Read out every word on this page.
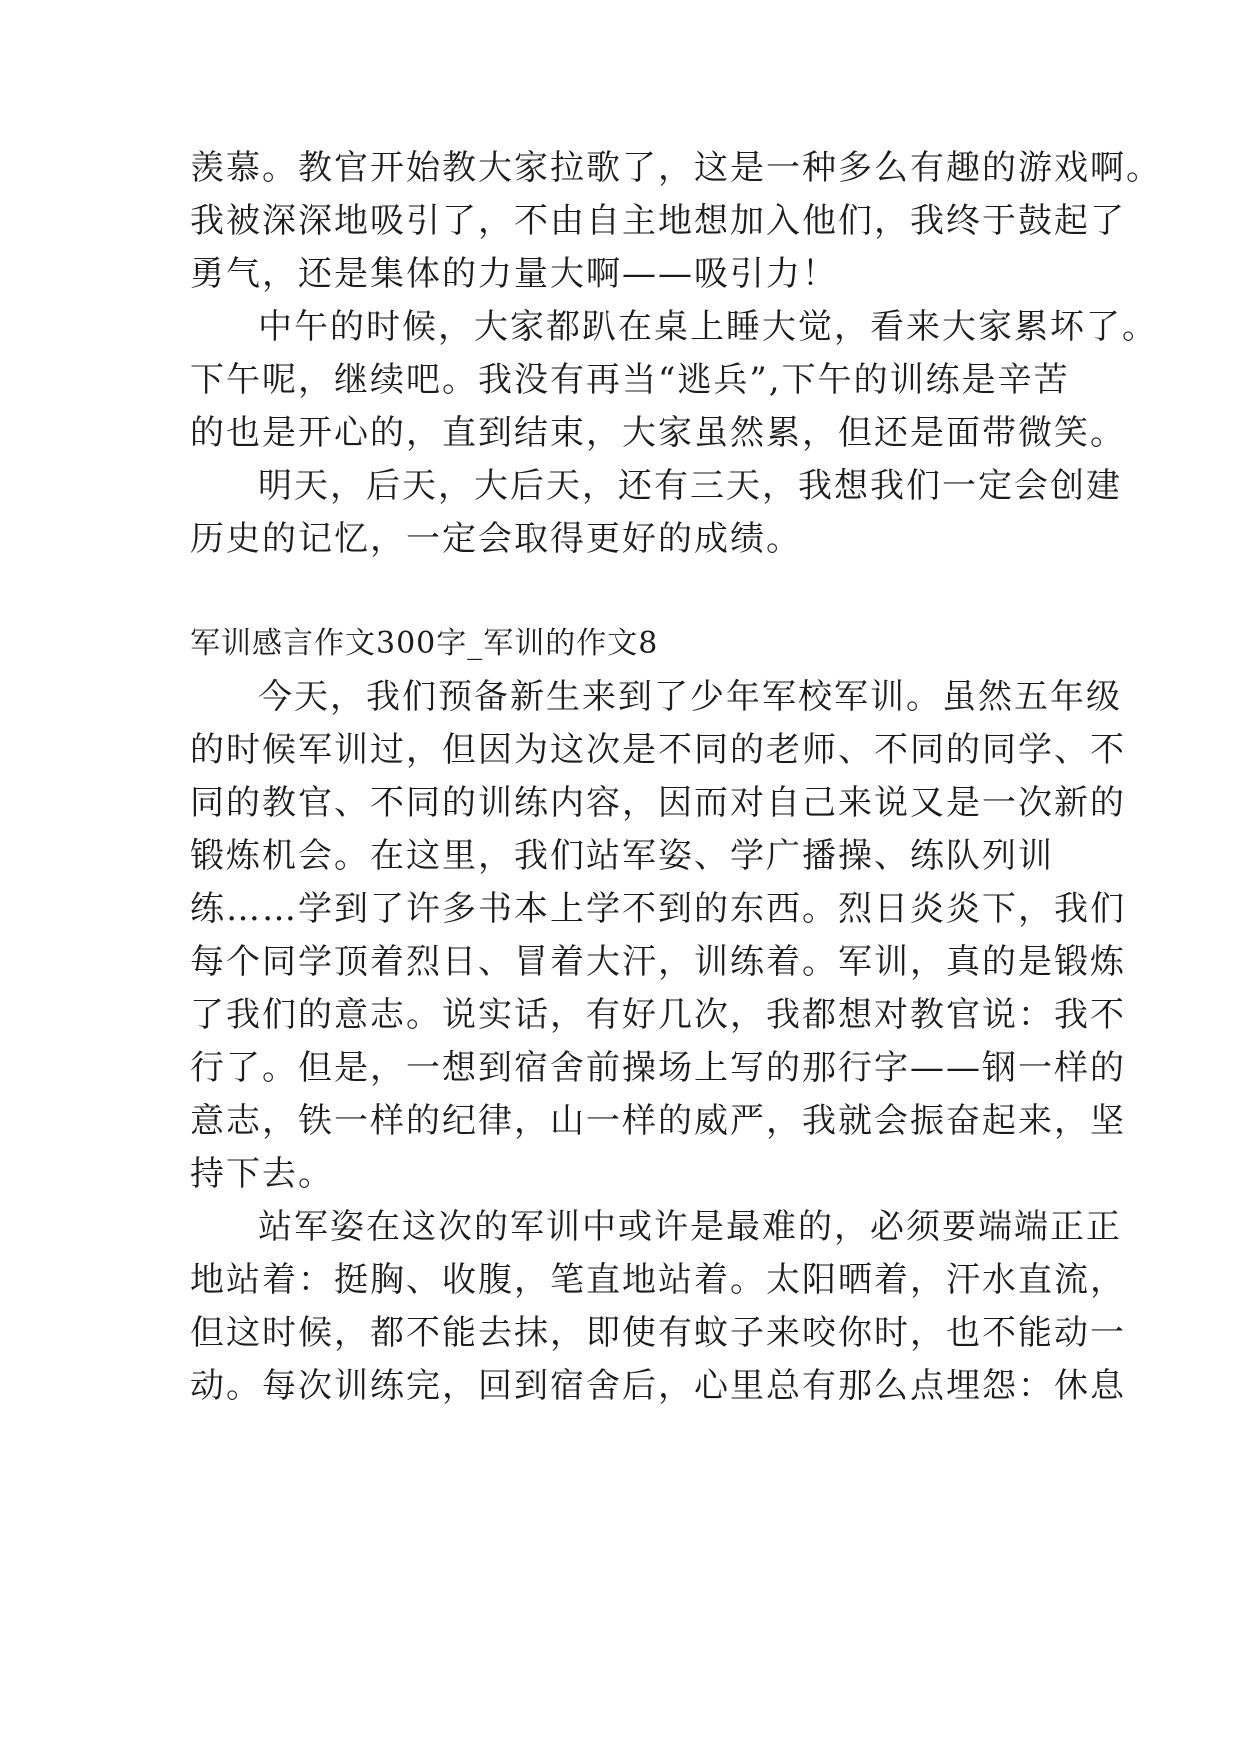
羡慕。教官开始教大家拉歌了，这是一种多么有趣的游戏啊。
我被深深地吸引了，不由自主地想加入他们，我终于鼓起了
勇气，还是集体的力量大啊——吸引力！
中午的时候，大家都趴在桌上睡大觉，看来大家累坏了。
下午呢，继续吧。我没有再当“逃兵”,下午的训练是辛苦
的也是开心的，直到结束，大家虽然累，但还是面带微笑。
明天，后天，大后天，还有三天，我想我们一定会创建
历史的记忆，一定会取得更好的成绩。
军训感言作文300字_军训的作文8
今天，我们预备新生来到了少年军校军训。虽然五年级
的时候军训过，但因为这次是不同的老师、不同的同学、不
同的教官、不同的训练内容，因而对自己来说又是一次新的
锻炼机会。在这里，我们站军姿、学广播操、练队列训
练……学到了许多书本上学不到的东西。烈日炎炎下，我们
每个同学顶着烈日、冒着大汗，训练着。军训，真的是锻炼
了我们的意志。说实话，有好几次，我都想对教官说：我不
行了。但是，一想到宿舍前操场上写的那行字——钢一样的
意志，铁一样的纪律，山一样的威严，我就会振奋起来，坚
持下去。
站军姿在这次的军训中或许是最难的，必须要端端正正
地站着：挺胸、收腹，笔直地站着。太阳晒着，汗水直流，
但这时候，都不能去抹，即使有蚊子来咬你时，也不能动一
动。每次训练完，回到宿舍后，心里总有那么点埋怨：休息
